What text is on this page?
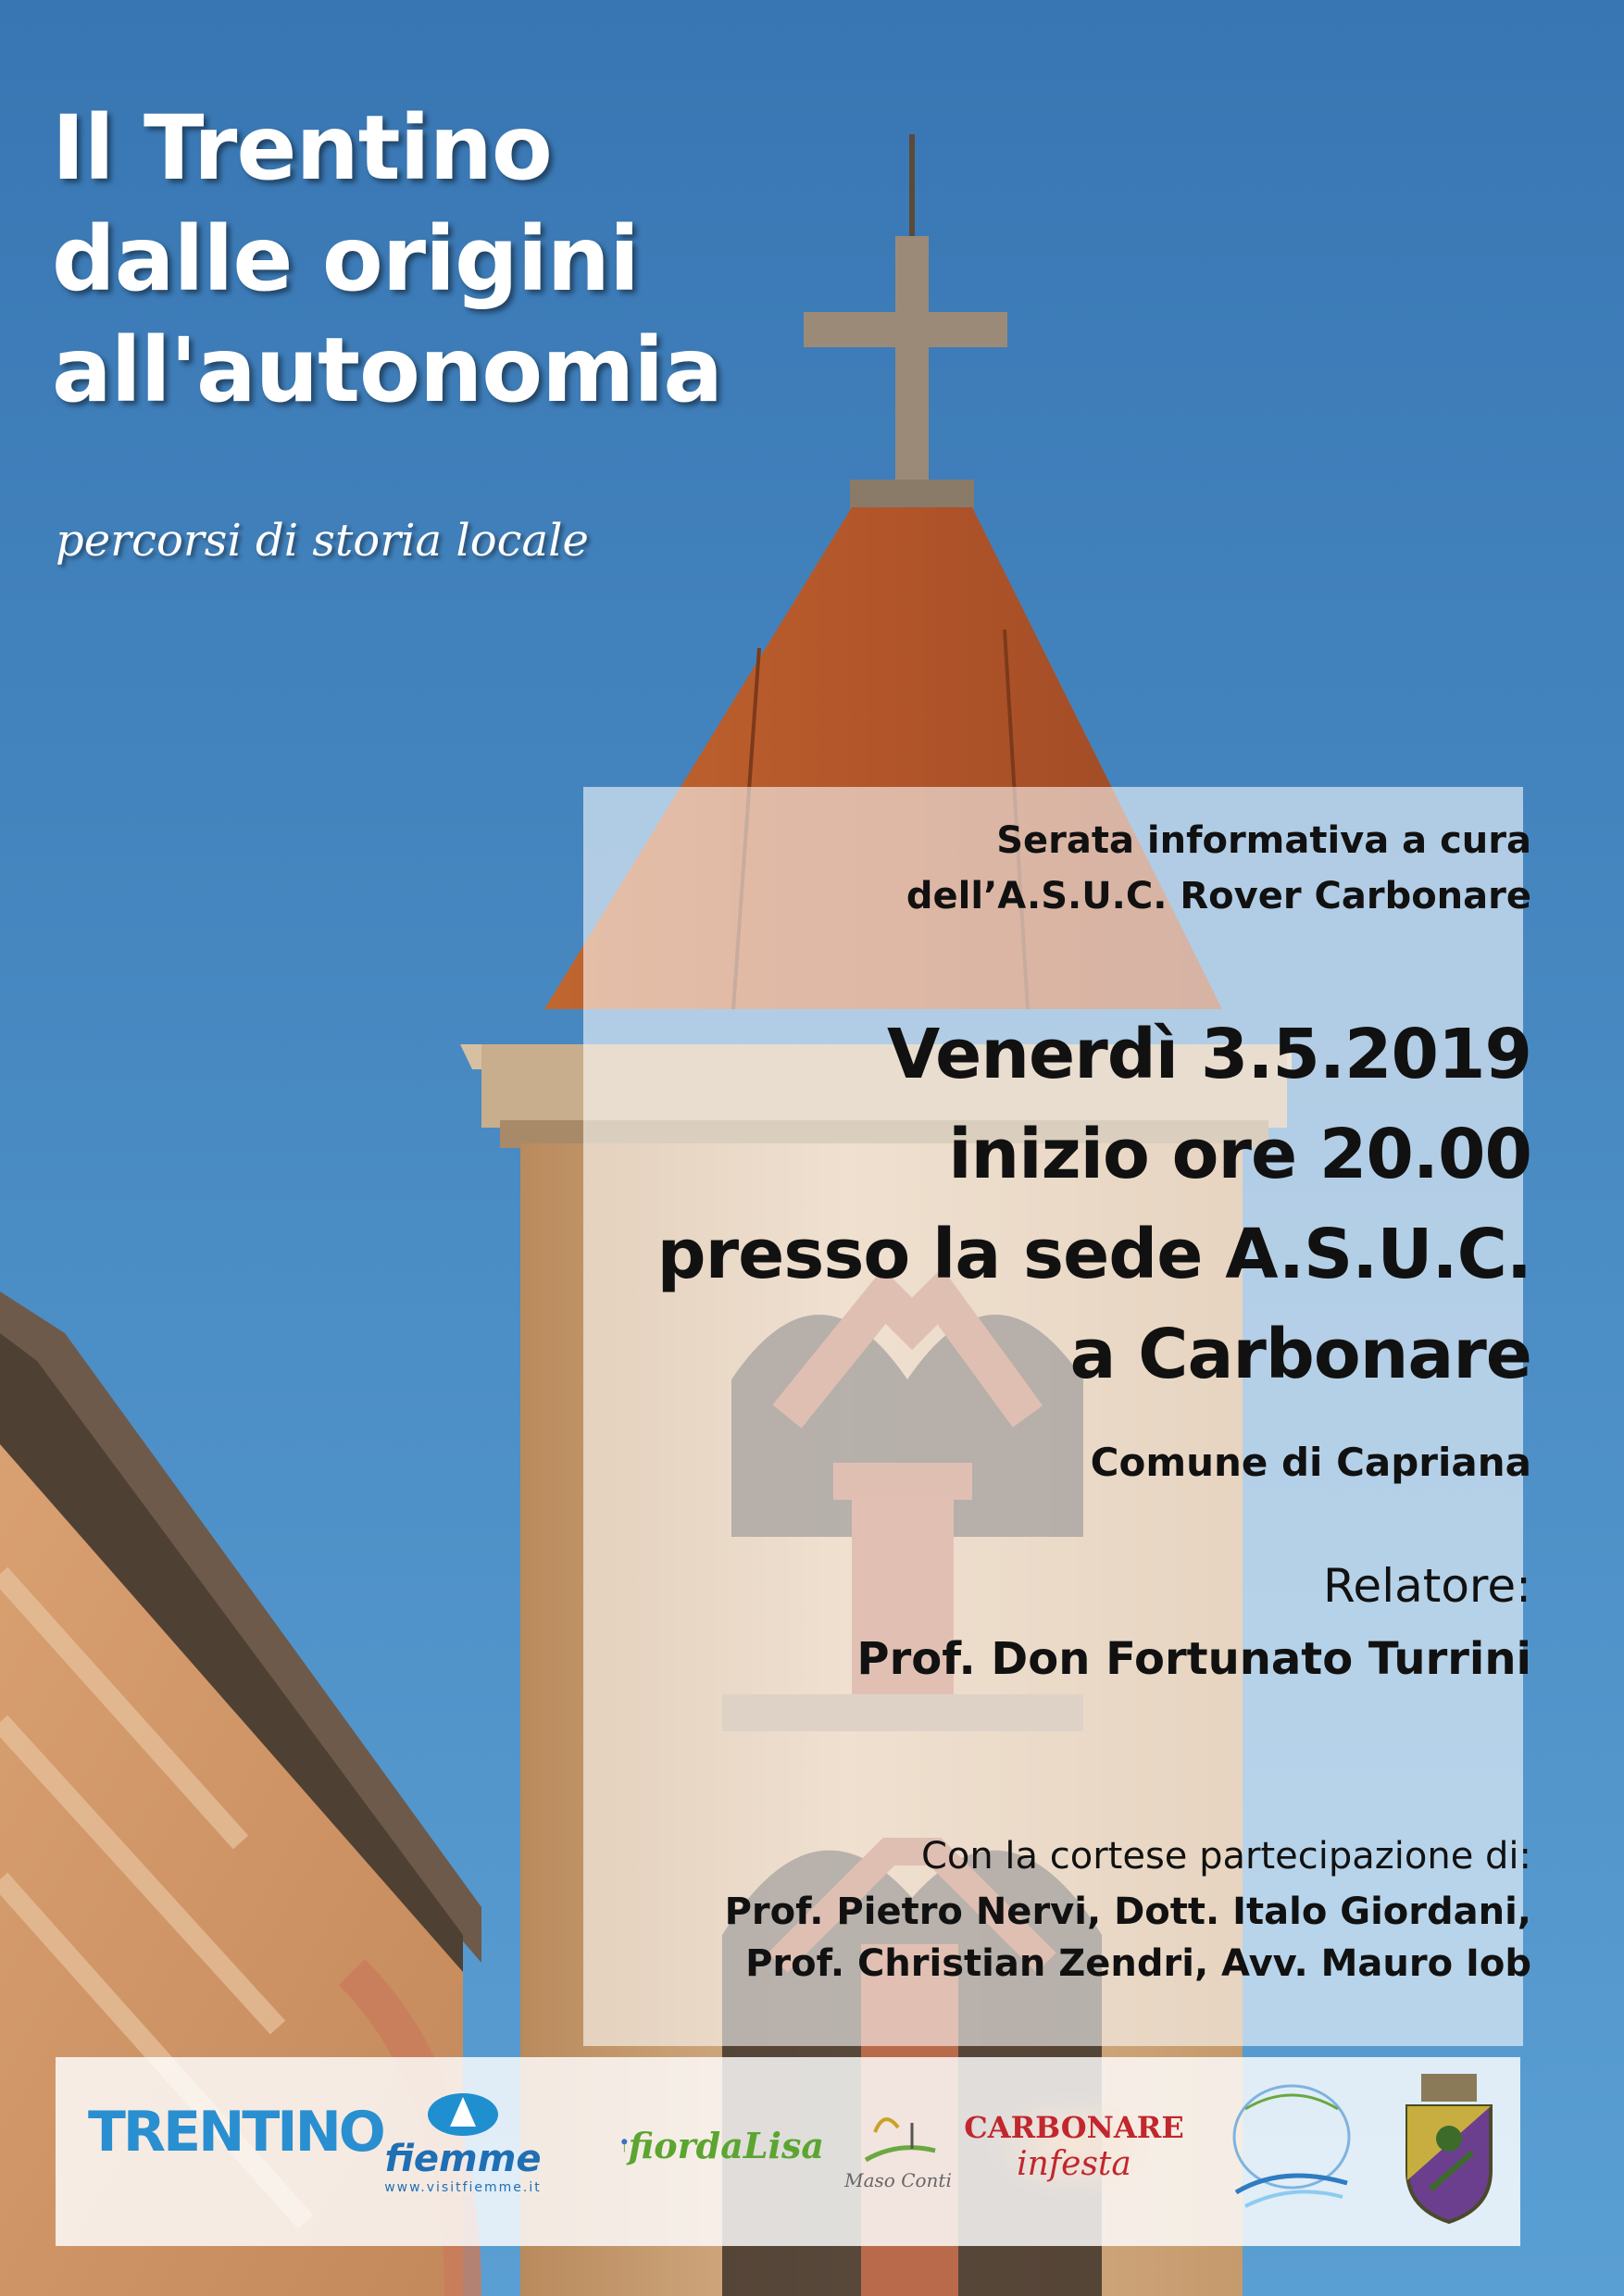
Il Trentino
dalle origini
all'autonomia
percorsi di storia locale
Serata informativa a cura
dell’A.S.U.C. Rover Carbonare
Venerdì 3.5.2019
inizio ore 20.00
presso la sede A.S.U.C.
a Carbonare
Comune di Capriana
Relatore:
Prof. Don Fortunato Turrini
Con la cortese partecipazione di:
Prof. Pietro Nervi, Dott. Italo Giordani,
Prof. Christian Zendri, Avv. Mauro Iob
TRENTINO fiemme
www.visitfiemme.it
fiordaLisa
Maso Conti
CARBONARE
infesta
